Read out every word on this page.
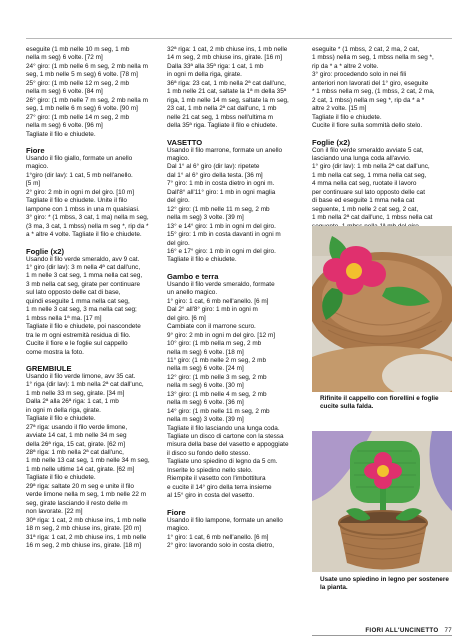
eseguite (1 mb nelle 10 m seg, 1 mb

nella m seg) 6 volte. [72 m]

24° giro: (1 mb nelle 6 m seg, 2 mb nella m

seg, 1 mb nelle 5 m seg) 6 volte. [78 m]

25° giro: (1 mb nelle 12 m seg, 2 mb

nella m seg) 6 volte. [84 m]

26° giro: (1 mb nelle 7 m seg, 2 mb nella m

seg, 1 mb nelle 6 m seg) 6 volte. [90 m]

27° giro: (1 mb nelle 14 m seg, 2 mb

nella m seg) 6 volte. [96 m]

Tagliate il filo e chiudete.

Fiore

Usando il filo giallo, formate un anello

magico.

1°giro (dir lav): 1 cat, 5 mb nell'anello.

[5 m]

2° giro: 2 mb in ogni m del giro. [10 m]

Tagliate il filo e chiudete. Unite il filo

lampone con 1 mbss in una m qualsiasi.

3° giro: * (1 mbss, 3 cat, 1 ma) nella m seg,

(3 ma, 3 cat, 1 mbss) nella m seg *, rip da *

a * altre 4 volte. Tagliate il filo e chiudete.

Foglie (x2)

Usando il filo verde smeraldo, avv 9 cat.

1° giro (dir lav): 3 m nella 4ª cat dall'unc,

1 m nelle 3 cat seg, 1 mma nella cat seg,

3 mb nella cat seg, girate per continuare

sul lato opposto delle cat di base,

quindi eseguite 1 mma nella cat seg,

1 m nelle 3 cat seg, 3 ma nella cat seg;

1 mbss nella 1ª ma. [17 m]

Tagliate il filo e chiudete, poi nascondete

tra le m ogni estremità residua di filo.

Cucite il fiore e le foglie sul cappello

come mostra la foto.

GREMBIULE

Usando il filo verde limone, avv 35 cat.

1° riga (dir lav): 1 mb nella 2ª cat dall'unc,

1 mb nelle 33 m seg, girate. [34 m]

Dalla 2ª alla 26ª riga: 1 cat, 1 mb

in ogni m della riga, girate.

Tagliate il filo e chiudete.

27ª riga: usando il filo verde limone,

avviate 14 cat, 1 mb nelle 34 m seg

della 26ª riga, 15 cat, girate. [62 m]

28ª riga: 1 mb nella 2ª cat dall'unc,

1 mb nelle 13 cat seg, 1 mb nelle 34 m seg,

1 mb nelle ultime 14 cat, girate. [62 m]

Tagliate il filo e chiudete.

29ª riga: saltate 20 m seg e unite il filo

verde limone nella m seg, 1 mb nelle 22 m

seg, girate lasciando il resto delle m

non lavorate. [22 m]

30ª riga: 1 cat, 2 mb chiuse ins, 1 mb nelle

18 m seg, 2 mb chiuse ins, girate. [20 m]

31ª riga: 1 cat, 2 mb chiuse ins, 1 mb nelle

16 m seg, 2 mb chiuse ins, girate. [18 m]

32ª riga: 1 cat, 2 mb chiuse ins, 1 mb nelle

14 m seg, 2 mb chiuse ins, girate. [16 m]

Dalla 33ª alla 35ª riga: 1 cat, 1 mb

in ogni m della riga, girate.

36ª riga: 23 cat, 1 mb nella 2ª cat dall'unc,

1 mb nelle 21 cat, saltate la 1ª m della 35ª

riga, 1 mb nelle 14 m seg, saltate la m seg,

23 cat, 1 mb nella 2ª cat dall'unc, 1 mb

nelle 21 cat seg, 1 mbss nell'ultima m

della 35ª riga. Tagliate il filo e chiudete.

VASETTO

Usando il filo marrone, formate un anello

magico.

Dal 1° al 6° giro (dir lav): ripetete

dal 1° al 6° giro della testa. [36 m]

7° giro: 1 mb in costa dietro in ogni m.

Dall'8° all'11° giro: 1 mb in ogni maglia

del giro.

12° giro: (1 mb nelle 11 m seg, 2 mb

nella m seg) 3 volte. [39 m]

13° e 14° giro: 1 mb in ogni m del giro.

15° giro: 1 mb in costa davanti in ogni m

del giro.

16° e 17° giro: 1 mb in ogni m del giro.

Tagliate il filo e chiudete.

Gambo e terra

Usando il filo verde smeraldo, formate

un anello magico.

1° giro: 1 cat, 6 mb nell'anello. [6 m]

Dal 2° all'8° giro: 1 mb in ogni m

del giro. [6 m]

Cambiate con il marrone scuro.

9° giro: 2 mb in ogni m del giro. [12 m]

10° giro: (1 mb nella m seg, 2 mb

nella m seg) 6 volte. [18 m]

11° giro: (1 mb nelle 2 m seg, 2 mb

nella m seg) 6 volte. [24 m]

12° giro: (1 mb nelle 3 m seg, 2 mb

nella m seg) 6 volte. [30 m]

13° giro: (1 mb nelle 4 m seg, 2 mb

nella m seg) 6 volte. [36 m]

14° giro: (1 mb nelle 11 m seg, 2 mb

nella m seg) 3 volte. [39 m]

Tagliate il filo lasciando una lunga coda.

Tagliate un disco di cartone con la stessa

misura della base del vasetto e appoggiate

il disco su fondo dello stesso.

Tagliate uno spiedino di legno da 5 cm.

Inserite lo spiedino nello stelo.

Riempite il vasetto con l'imbottitura

e cucite il 14° giro della terra insieme

al 15° giro in costa del vasetto.

Fiore

Usando il filo lampone, formate un anello

magico.

1° giro: 1 cat, 6 mb nell'anello. [6 m]

2° giro: lavorando solo in costa dietro,

eseguite * (1 mbss, 2 cat, 2 ma, 2 cat,

1 mbss) nella m seg, 1 mbss nella m seg *,

rip da * a * altre 2 volte.

3° giro: procedendo solo in nei fili

anteriori non lavorati del 1° giro, eseguite

* 1 mbss nella m seg, (1 mbss, 2 cat, 2 ma,

2 cat, 1 mbss) nella m seg *, rip da * a *

altre 2 volte. [15 m]

Tagliate il filo e chiudete.

Cucite il fiore sulla sommità dello stelo.

Foglie (x2)

Con il filo verde smeraldo avviate 5 cat,

lasciando una lunga coda all'avvio.

1° giro (dir lav): 1 mb nella 2ª cat dall'unc,

1 mb nella cat seg, 1 mma nella cat seg,

4 mma nella cat seg, ruotate il lavoro

per continuare sul lato opposto delle cat

di base ed eseguite 1 mma nella cat

seguente, 1 mb nelle 2 cat seg, 2 cat,

1 mb nella 2ª cat dall'unc, 1 mbss nella cat

Rifinite il cappello con fiorellini e foglie

cucite sulla falda.

Usate uno spiedino in legno per sostenere

la pianta.

FIORI ALL'UNCINETTO 77
